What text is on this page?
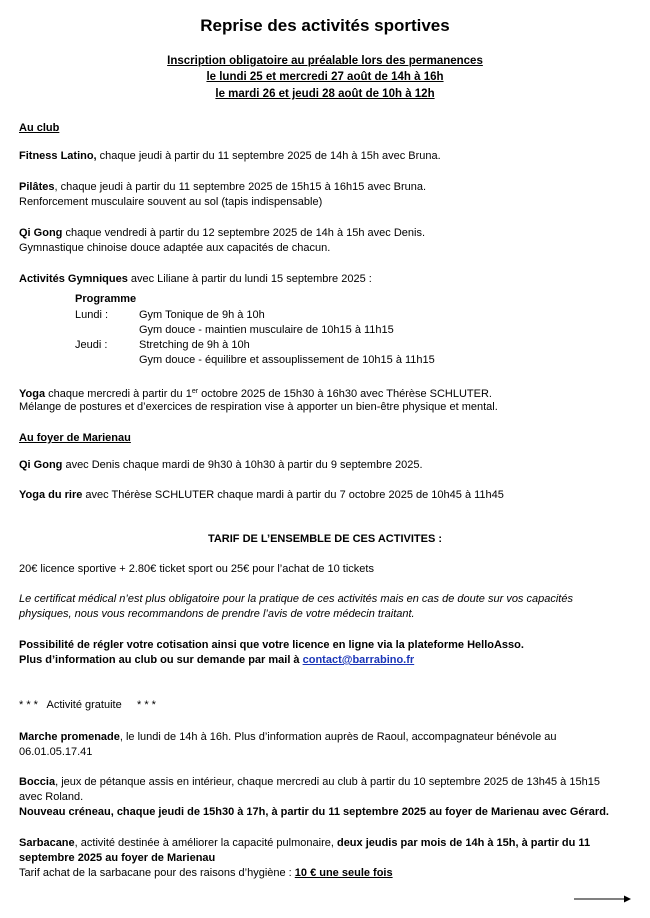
Reprise des activités sportives
Inscription obligatoire au préalable lors des permanences
le lundi 25 et mercredi 27 août de 14h à 16h
le mardi 26 et jeudi 28 août de 10h à 12h
Au club
Fitness Latino, chaque jeudi à partir du 11 septembre 2025 de 14h à 15h avec Bruna.
Pilâtes, chaque jeudi à partir du 11 septembre 2025 de 15h15 à 16h15 avec Bruna.
Renforcement musculaire souvent au sol (tapis indispensable)
Qi Gong chaque vendredi à partir du 12 septembre 2025 de 14h à 15h avec Denis.
Gymnastique chinoise douce adaptée aux capacités de chacun.
Activités Gymniques avec Liliane à partir du lundi 15 septembre 2025 :
Programme
Lundi :	Gym Tonique de 9h à 10h
Gym douce - maintien musculaire de 10h15 à 11h15
Jeudi :	Stretching de 9h à 10h
Gym douce - équilibre et assouplissement de 10h15 à 11h15
Yoga chaque mercredi à partir du 1er octobre 2025 de 15h30 à 16h30 avec Thérèse SCHLUTER.
Mélange de postures et d’exercices de respiration vise à apporter un bien-être physique et mental.
Au foyer de Marienau
Qi Gong avec Denis chaque mardi de 9h30 à 10h30 à partir du 9 septembre 2025.
Yoga du rire avec Thérèse SCHLUTER chaque mardi à partir du 7 octobre 2025 de 10h45 à 11h45
TARIF DE L’ENSEMBLE DE CES ACTIVITES :
20€ licence sportive + 2.80€ ticket sport ou 25€ pour l’achat de 10 tickets
Le certificat médical n’est plus obligatoire pour la pratique de ces activités mais en cas de doute sur vos capacités
physiques, nous vous recommandons de prendre l’avis de votre médecin traitant.
Possibilité de régler votre cotisation ainsi que votre licence en ligne via la plateforme HelloAsso.
Plus d’information au club ou sur demande par mail à contact@barrabino.fr
* * *   Activité gratuite     * * *
Marche promenade, le lundi de 14h à 16h. Plus d’information auprès de Raoul, accompagnateur bénévole au
06.01.05.17.41
Boccia, jeux de pétanque assis en intérieur, chaque mercredi au club à partir du 10 septembre 2025 de 13h45 à 15h15
avec Roland.
Nouveau créneau, chaque jeudi de 15h30 à 17h, à partir du 11 septembre 2025 au foyer de Marienau avec Gérard.
Sarbacane, activité destinée à améliorer la capacité pulmonaire, deux jeudis par mois de 14h à 15h, à partir du 11
septembre 2025 au foyer de Marienau
Tarif achat de la sarbacane pour des raisons d’hygiène : 10 € une seule fois
